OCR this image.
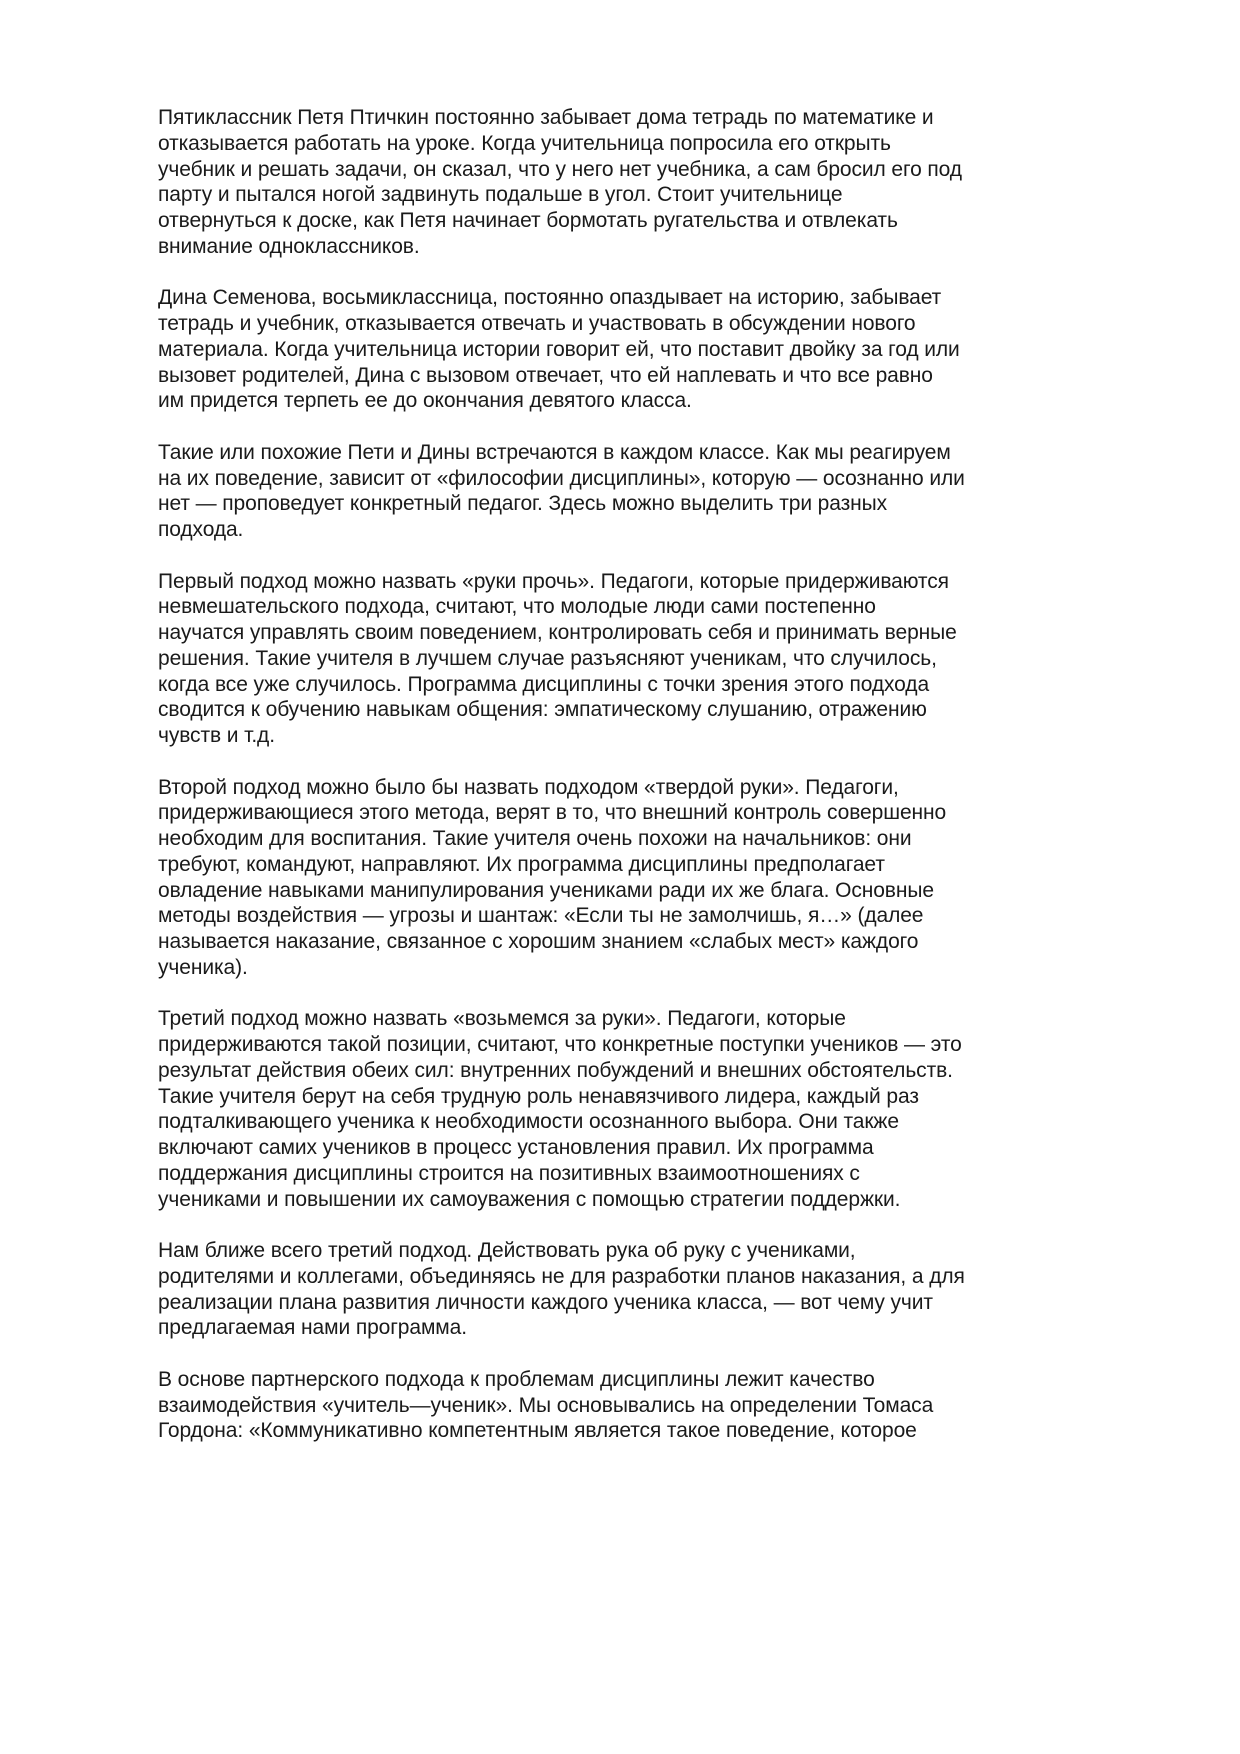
Пятиклассник Петя Птичкин постоянно забывает дома тетрадь по математике и
отказывается работать на уроке. Когда учительница попросила его открыть
учебник и решать задачи, он сказал, что у него нет учебника, а сам бросил его под
парту и пытался ногой задвинуть подальше в угол. Стоит учительнице
отвернуться к доске, как Петя начинает бормотать ругательства и отвлекать
внимание одноклассников.
Дина Семенова, восьмиклассница, постоянно опаздывает на историю, забывает
тетрадь и учебник, отказывается отвечать и участвовать в обсуждении нового
материала. Когда учительница истории говорит ей, что поставит двойку за год или
вызовет родителей, Дина с вызовом отвечает, что ей наплевать и что все равно
им придется терпеть ее до окончания девятого класса.
Такие или похожие Пети и Дины встречаются в каждом классе. Как мы реагируем
на их поведение, зависит от «философии дисциплины», которую — осознанно или
нет — проповедует конкретный педагог. Здесь можно выделить три разных
подхода.
Первый подход можно назвать «руки прочь». Педагоги, которые придерживаются
невмешательского подхода, считают, что молодые люди сами постепенно
научатся управлять своим поведением, контролировать себя и принимать верные
решения. Такие учителя в лучшем случае разъясняют ученикам, что случилось,
когда все уже случилось. Программа дисциплины с точки зрения этого подхода
сводится к обучению навыкам общения: эмпатическому слушанию, отражению
чувств и т.д.
Второй подход можно было бы назвать подходом «твердой руки». Педагоги,
придерживающиеся этого метода, верят в то, что внешний контроль совершенно
необходим для воспитания. Такие учителя очень похожи на начальников: они
требуют, командуют, направляют. Их программа дисциплины предполагает
овладение навыками манипулирования учениками ради их же блага. Основные
методы воздействия — угрозы и шантаж: «Если ты не замолчишь, я…» (далее
называется наказание, связанное с хорошим знанием «слабых мест» каждого
ученика).
Третий подход можно назвать «возьмемся за руки». Педагоги, которые
придерживаются такой позиции, считают, что конкретные поступки учеников — это
результат действия обеих сил: внутренних побуждений и внешних обстоятельств.
Такие учителя берут на себя трудную роль ненавязчивого лидера, каждый раз
подталкивающего ученика к необходимости осознанного выбора. Они также
включают самих учеников в процесс установления правил. Их программа
поддержания дисциплины строится на позитивных взаимоотношениях с
учениками и повышении их самоуважения с помощью стратегии поддержки.
Нам ближе всего третий подход. Действовать рука об руку с учениками,
родителями и коллегами, объединяясь не для разработки планов наказания, а для
реализации плана развития личности каждого ученика класса, — вот чему учит
предлагаемая нами программа.
В основе партнерского подхода к проблемам дисциплины лежит качество
взаимодействия «учитель—ученик». Мы основывались на определении Томаса
Гордона: «Коммуникативно компетентным является такое поведение, которое
